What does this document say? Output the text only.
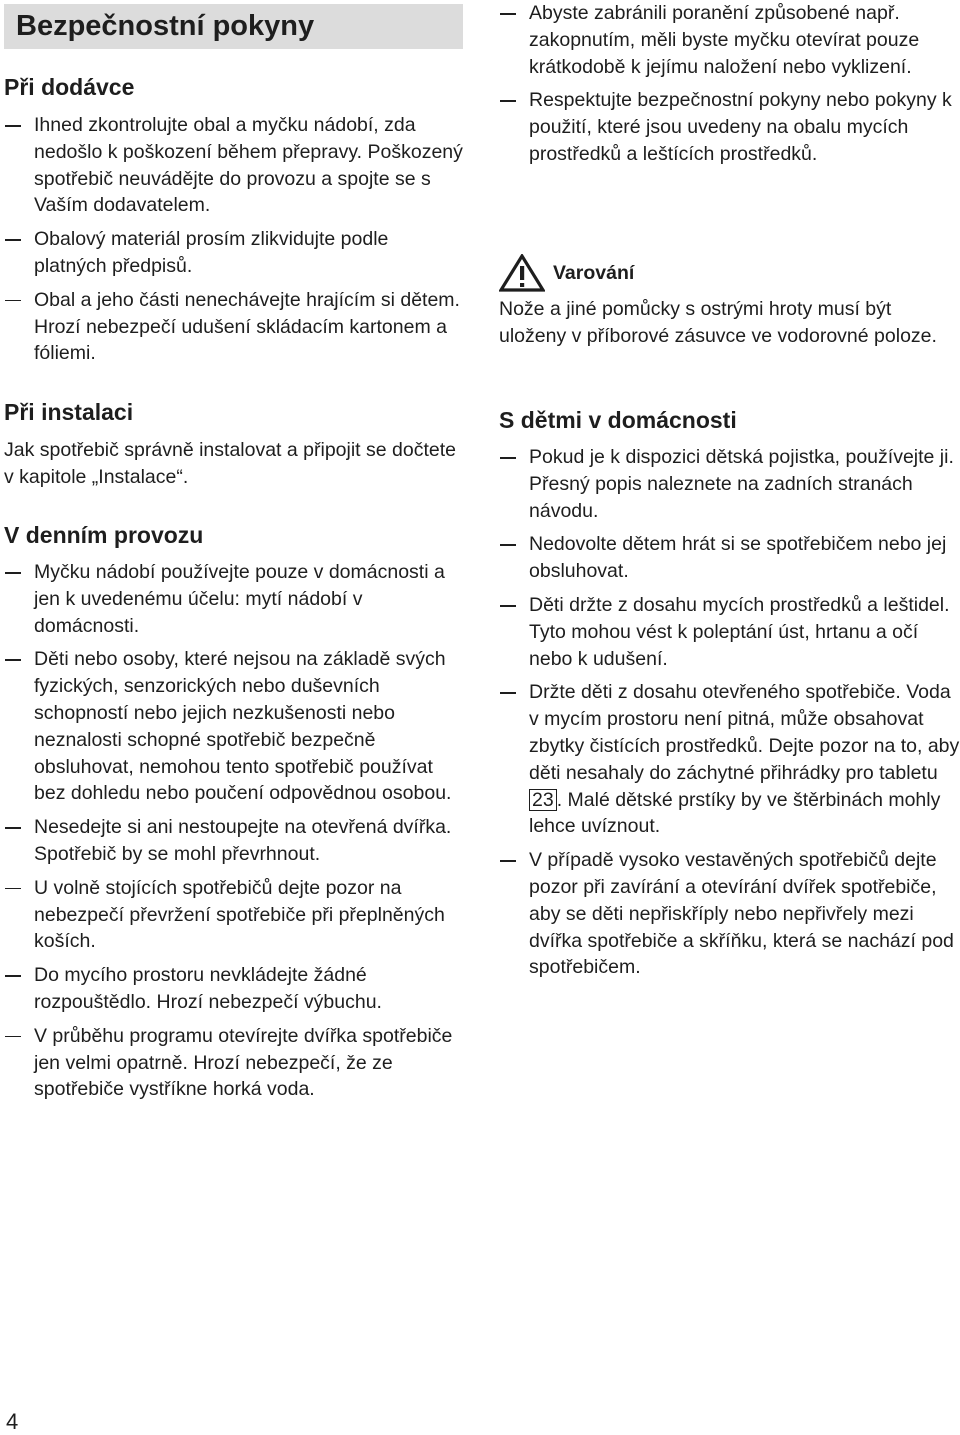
Bezpečnostní pokyny
Při dodávce
Ihned zkontrolujte obal a myčku nádobí, zda nedošlo k poškození během přepravy. Poškozený spotřebič neuvádějte do provozu a spojte se s Vaším dodavatelem.
Obalový materiál prosím zlikvidujte podle platných předpisů.
Obal a jeho části nenechávejte hrajícím si dětem. Hrozí nebezpečí udušení skládacím kartonem a fóliemi.
Při instalaci

Jak spotřebič správně instalovat a připojit se dočtete v kapitole „Instalace“.

V denním provozu
Myčku nádobí používejte pouze v domácnosti a jen k uvedenému účelu: mytí nádobí v domácnosti.
Děti nebo osoby, které nejsou na základě svých fyzických, senzorických nebo duševních schopností nebo jejich nezkušenosti nebo neznalosti schopné spotřebič bezpečně obsluhovat, nemohou tento spotřebič používat bez dohledu nebo poučení odpovědnou osobou.
Nesedejte si ani nestoupejte na otevřená dvířka. Spotřebič by se mohl převrhnout.
U volně stojících spotřebičů dejte pozor na nebezpečí převržení spotřebiče při přeplněných koších.
Do mycího prostoru nevkládejte žádné rozpouštědlo. Hrozí nebezpečí výbuchu.
V průběhu programu otevírejte dvířka spotřebiče jen velmi opatrně. Hrozí nebezpečí, že ze spotřebiče vystříkne horká voda.
Abyste zabránili poranění způsobené např. zakopnutím, měli byste myčku otevírat pouze krátkodobě k jejímu naložení nebo vyklizení.
Respektujte bezpečnostní pokyny nebo pokyny k použití, které jsou uvedeny na obalu mycích prostředků a leštících prostředků.
Varování

Nože a jiné pomůcky s ostrými hroty musí být uloženy v příborové zásuvce ve vodorovné poloze.

S dětmi v domácnosti
Pokud je k dispozici dětská pojistka, používejte ji. Přesný popis naleznete na zadních stranách návodu.
Nedovolte dětem hrát si se spotřebičem nebo jej obsluhovat.
Děti držte z dosahu mycích prostředků a leštidel. Tyto mohou vést k poleptání úst, hrtanu a očí nebo k udušení.
Držte děti z dosahu otevřeného spotřebiče. Voda v mycím prostoru není pitná, může obsahovat zbytky čistících prostředků. Dejte pozor na to, aby děti nesahaly do záchytné přihrádky pro tabletu 23 . Malé dětské prstíky by ve štěrbinách mohly lehce uvíznout.
V případě vysoko vestavěných spotřebičů dejte pozor při zavírání a otevírání dvířek spotřebiče, aby se děti nepřiskříply nebo nepřivřely mezi dvířka spotřebiče a skříňku, která se nachází pod spotřebičem.
4
